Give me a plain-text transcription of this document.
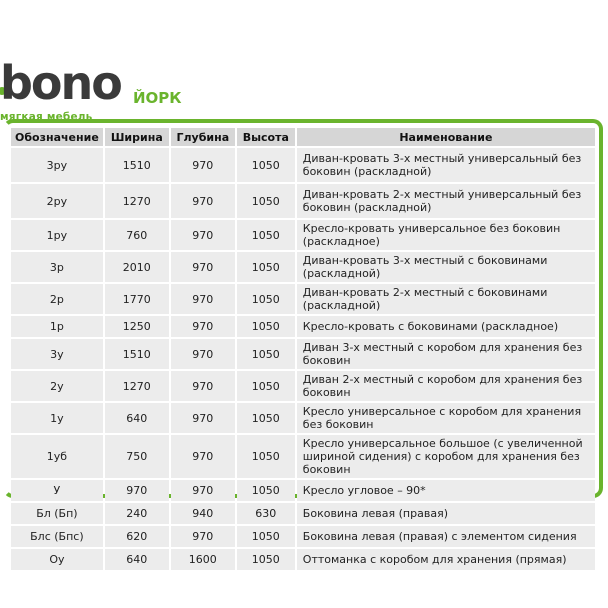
bono
мягкая мебель
ЙОРК
Обозначение	Ширина	Глубина	Высота	Наименование
3ру	1510	970	1050	Диван-кровать 3-х местный универсальный без боковин (раскладной)
2ру	1270	970	1050	Диван-кровать 2-х местный универсальный без боковин (раскладной)
1ру	760	970	1050	Кресло-кровать универсальное без боковин (раскладное)
3р	2010	970	1050	Диван-кровать 3-х местный с боковинами (раскладной)
2р	1770	970	1050	Диван-кровать 2-х местный с боковинами (раскладной)
1р	1250	970	1050	Кресло-кровать с боковинами (раскладное)
3у	1510	970	1050	Диван 3-х местный с коробом для хранения без боковин
2у	1270	970	1050	Диван 2-х местный с коробом для хранения без боковин
1у	640	970	1050	Кресло универсальное с коробом для хранения без боковин
1уб	750	970	1050	Кресло универсальное большое (с увеличенной шириной сидения) с коробом для хранения без боковин
У	970	970	1050	Кресло угловое – 90*
Бл (Бп)	240	940	630	Боковина левая (правая)
Блс (Бпс)	620	970	1050	Боковина левая (правая) с элементом сидения
Оу	640	1600	1050	Оттоманка с коробом для хранения (прямая)
